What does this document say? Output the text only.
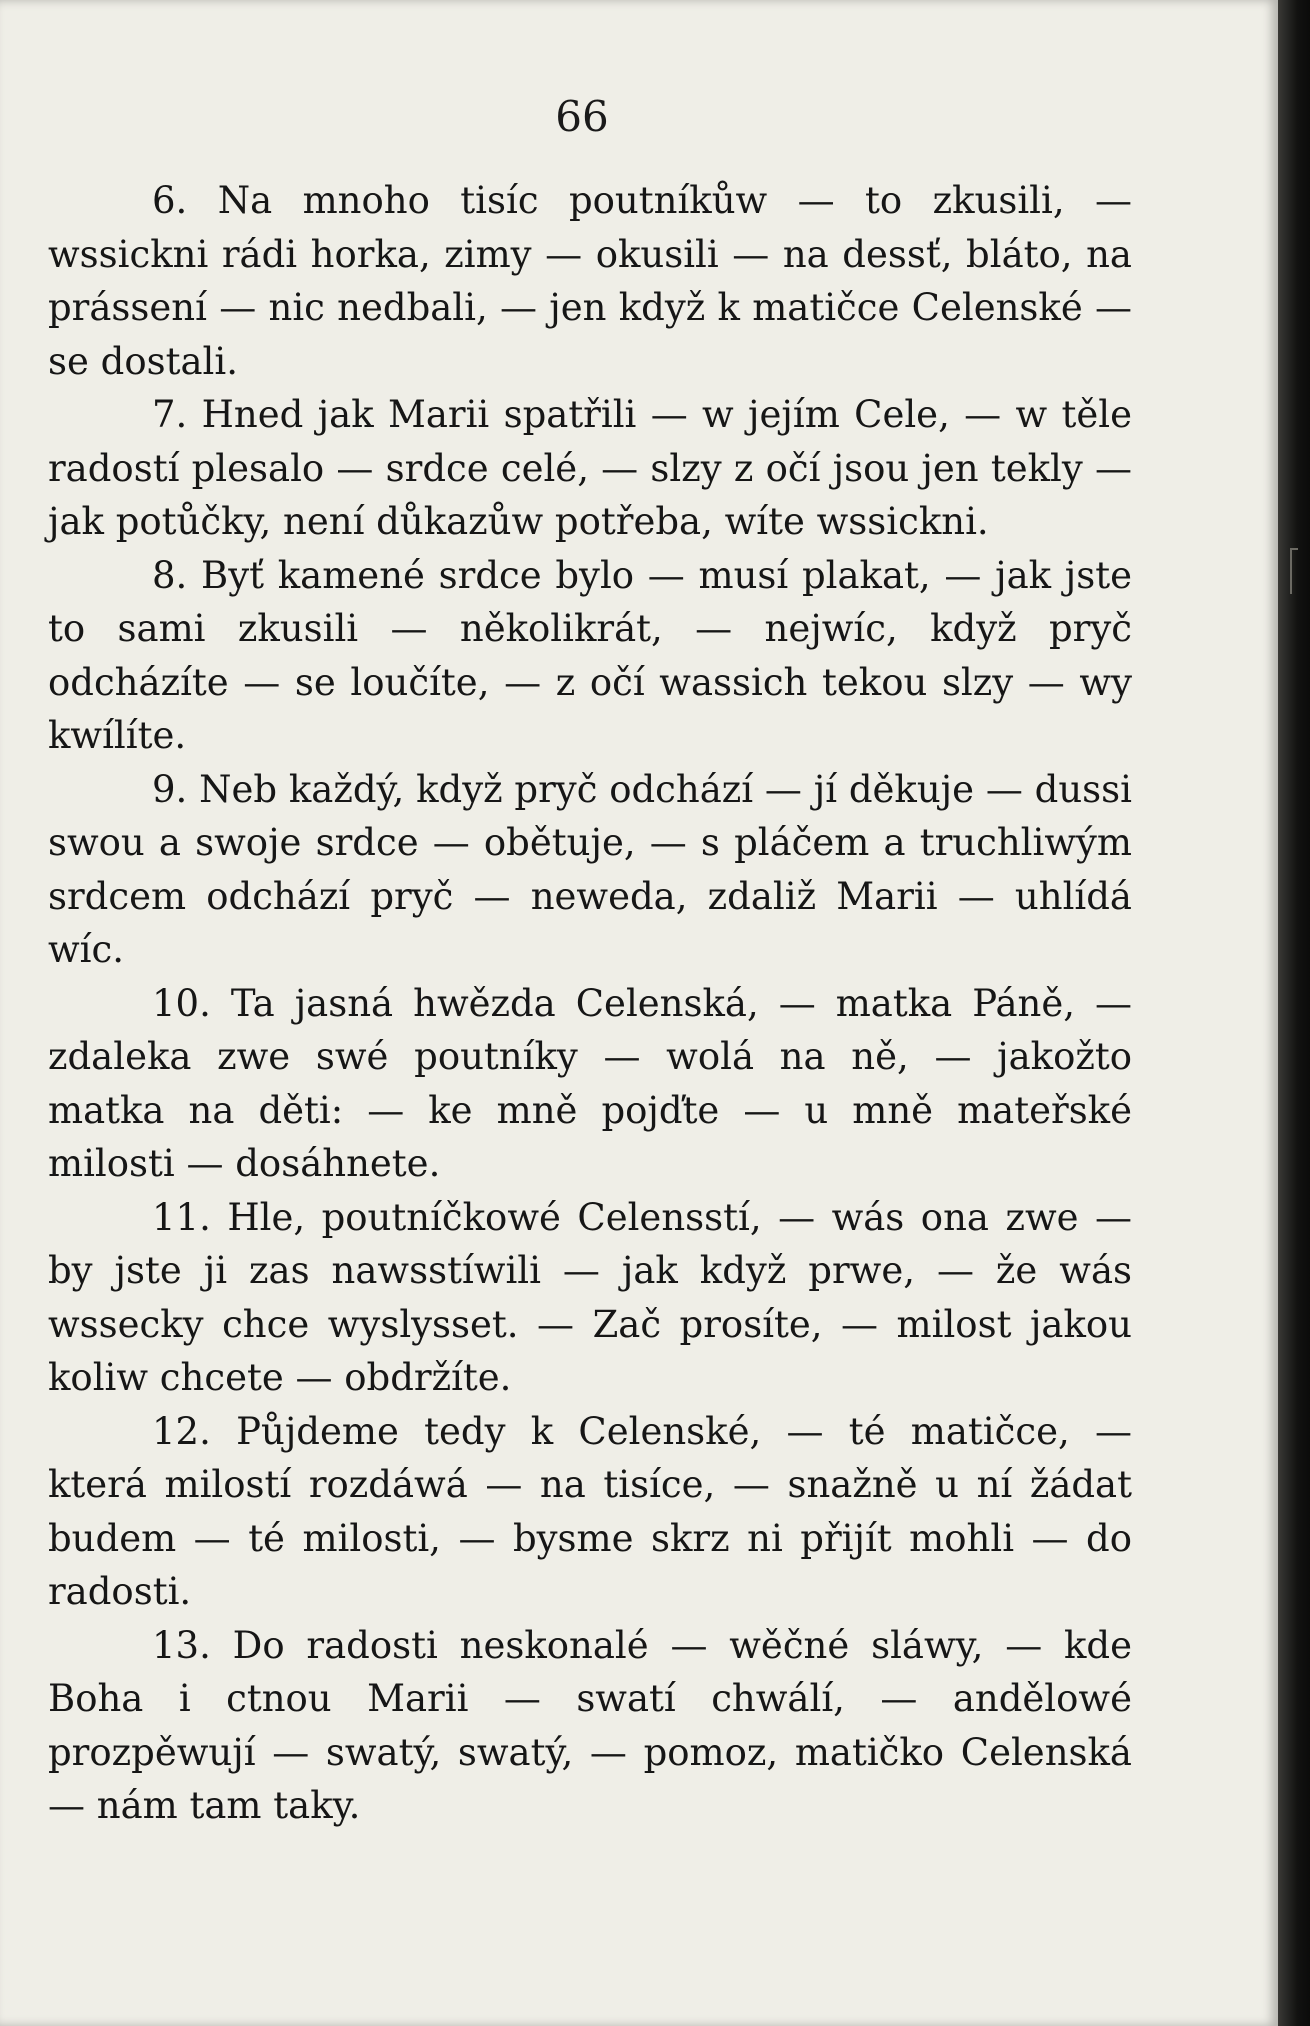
66

6. Na mnoho tisíc poutníkůw — to zkusili, — wssickni rádi horka, zimy — okusili — na dessť, bláto, na prássení — nic nedbali, — jen když k matičce Celenské — se dostali.

7. Hned jak Marii spatřili — w jejím Cele, — w těle radostí plesalo — srdce celé, — slzy z očí jsou jen tekly — jak potůčky, není důkazůw potřeba, wíte wssickni.

8. Byť kamené srdce bylo — musí plakat, — jak jste to sami zkusili — několikrát, — nejwíc, když pryč odcházíte — se loučíte, — z očí wassich tekou slzy — wy kwílíte.

9. Neb každý, když pryč odchází — jí děkuje — dussi swou a swoje srdce — obětuje, — s pláčem a truchliwým srdcem odchází pryč — neweda, zdaliž Marii — uhlídá wíc.

10. Ta jasná hwězda Celenská, — matka Páně, — zdaleka zwe swé poutníky — wolá na ně, — jakožto matka na děti: — ke mně pojďte — u mně mateřské milosti — dosáhnete.

11. Hle, poutníčkowé Celensstí, — wás ona zwe — by jste ji zas nawsstíwili — jak když prwe, — že wás wssecky chce wyslysset. — Zač prosíte, — milost jakou koliw chcete — obdržíte.

12. Půjdeme tedy k Celenské, — té matičce, — která milostí rozdáwá — na tisíce, — snažně u ní žádat budem — té milosti, — bysme skrz ni přijít mohli — do radosti.

13. Do radosti neskonalé — wěčné sláwy, — kde Boha i ctnou Marii — swatí chwálí, — andělowé prozpěwují — swatý, swatý, — pomoz, matičko Celenská — nám tam taky.
